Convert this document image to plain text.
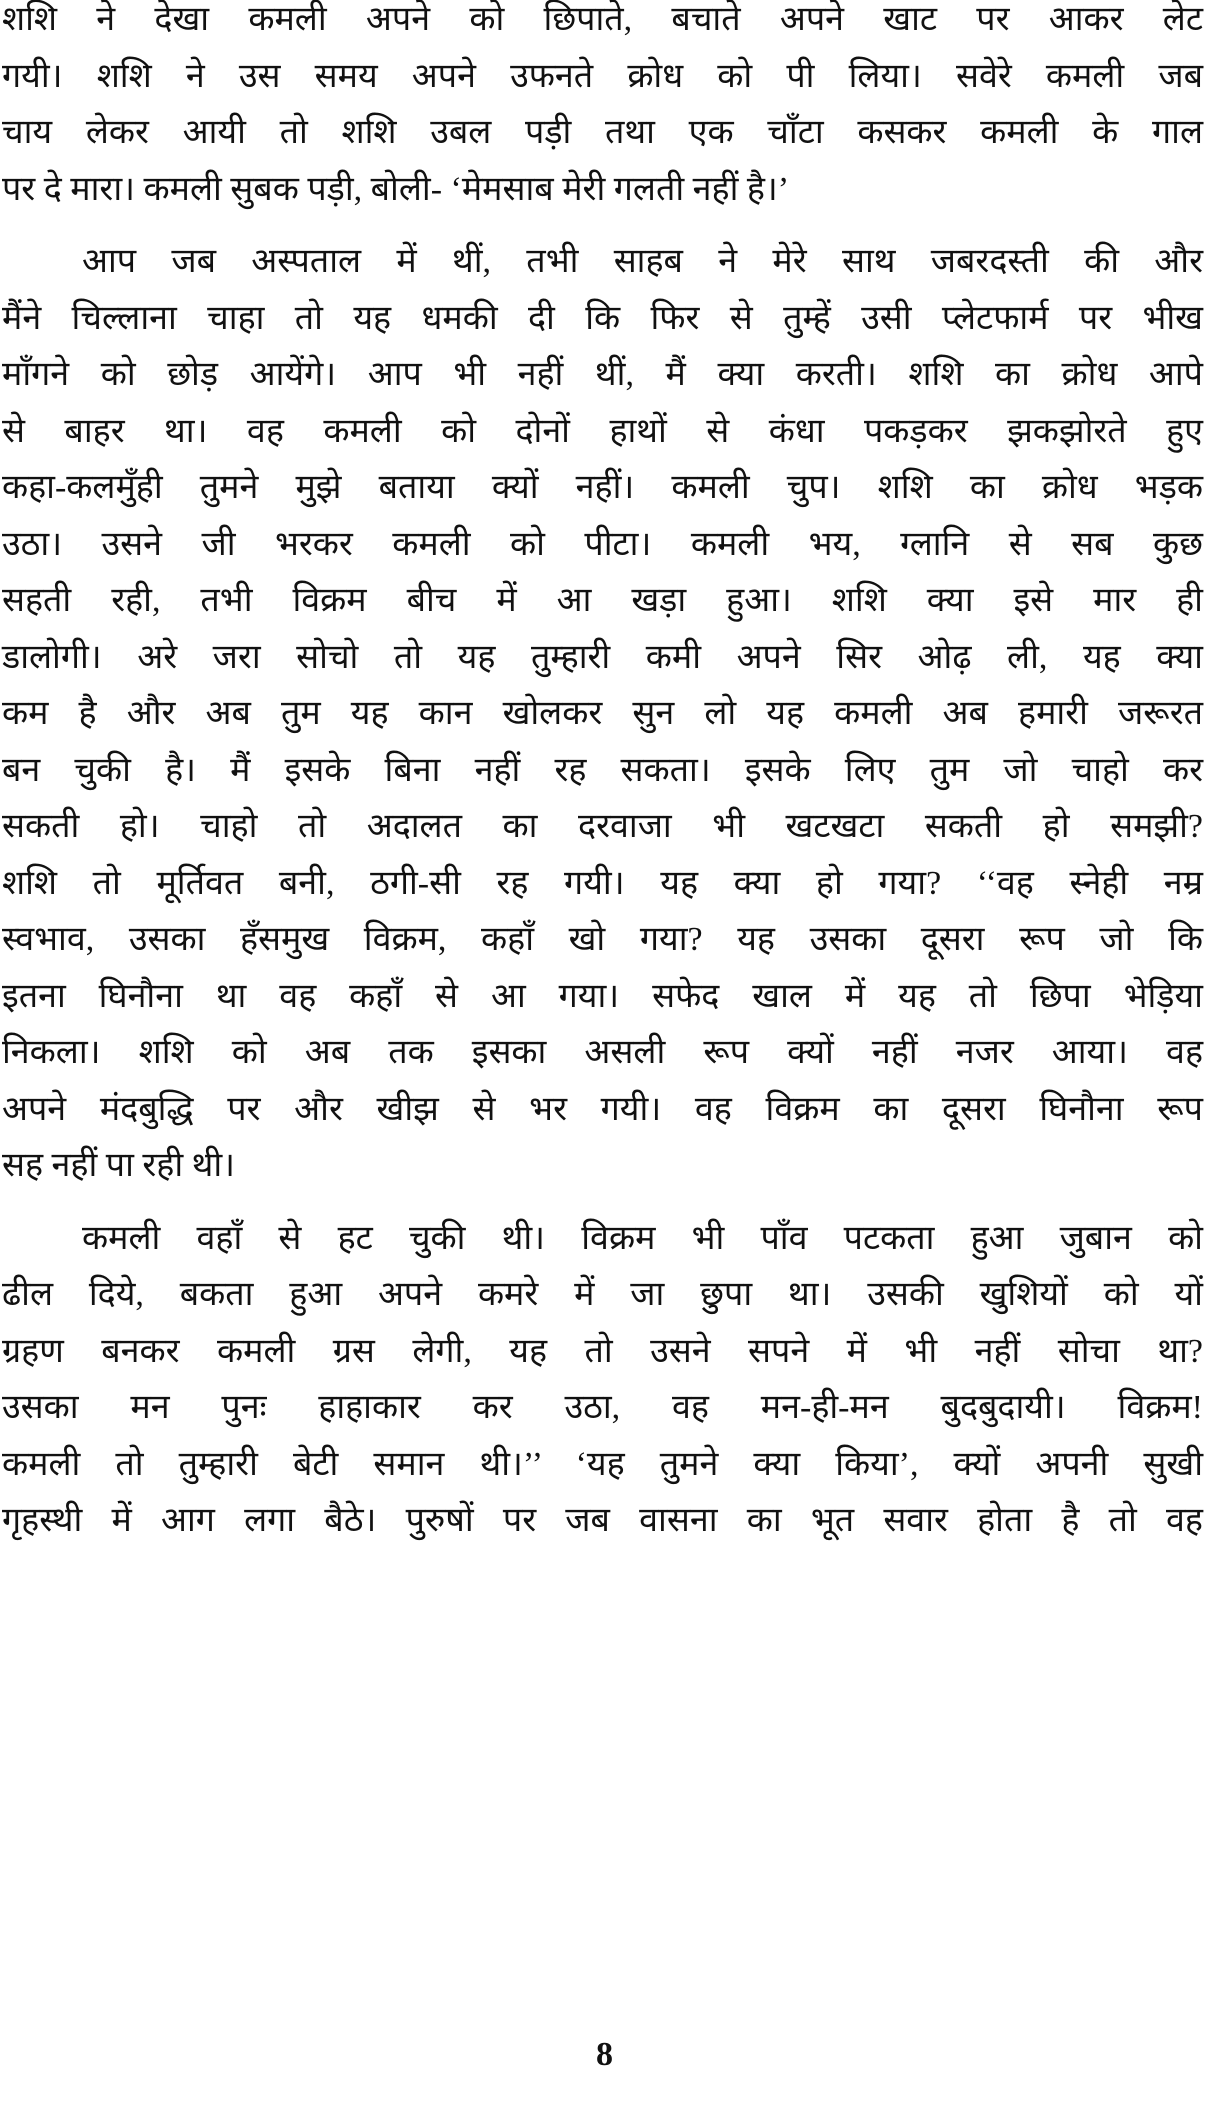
शशि ने देखा कमली अपने को छिपाते, बचाते अपने खाट पर आकर लेट
गयी। शशि ने उस समय अपने उफनते क्रोध को पी लिया। सवेरे कमली जब
चाय लेकर आयी तो शशि उबल पड़ी तथा एक चाँटा कसकर कमली के गाल
पर दे मारा। कमली सुबक पड़ी, बोली- ‘मेमसाब मेरी गलती नहीं है।’
आप जब अस्पताल में थीं, तभी साहब ने मेरे साथ जबरदस्ती की और
मैंने चिल्लाना चाहा तो यह धमकी दी कि फिर से तुम्हें उसी प्लेटफार्म पर भीख
माँगने को छोड़ आयेंगे। आप भी नहीं थीं, मैं क्या करती। शशि का क्रोध आपे
से बाहर था। वह कमली को दोनों हाथों से कंधा पकड़कर झकझोरते हुए
कहा-कलमुँही तुमने मुझे बताया क्यों नहीं। कमली चुप। शशि का क्रोध भड़क
उठा। उसने जी भरकर कमली को पीटा। कमली भय, ग्लानि से सब कुछ
सहती रही, तभी विक्रम बीच में आ खड़ा हुआ। शशि क्या इसे मार ही
डालोगी। अरे जरा सोचो तो यह तुम्हारी कमी अपने सिर ओढ़ ली, यह क्या
कम है और अब तुम यह कान खोलकर सुन लो यह कमली अब हमारी जरूरत
बन चुकी है। मैं इसके बिना नहीं रह सकता। इसके लिए तुम जो चाहो कर
सकती हो। चाहो तो अदालत का दरवाजा भी खटखटा सकती हो समझी?
शशि तो मूर्तिवत बनी, ठगी-सी रह गयी। यह क्या हो गया? ‘‘वह स्नेही नम्र
स्वभाव, उसका हँसमुख विक्रम, कहाँ खो गया? यह उसका दूसरा रूप जो कि
इतना घिनौना था वह कहाँ से आ गया। सफेद खाल में यह तो छिपा भेड़िया
निकला। शशि को अब तक इसका असली रूप क्यों नहीं नजर आया। वह
अपने मंदबुद्धि पर और खीझ से भर गयी। वह विक्रम का दूसरा घिनौना रूप
सह नहीं पा रही थी।
कमली वहाँ से हट चुकी थी। विक्रम भी पाँव पटकता हुआ जुबान को
ढील दिये, बकता हुआ अपने कमरे में जा छुपा था। उसकी खुशियों को यों
ग्रहण बनकर कमली ग्रस लेगी, यह तो उसने सपने में भी नहीं सोचा था?
उसका मन पुनः हाहाकार कर उठा, वह मन-ही-मन बुदबुदायी। विक्रम!
कमली तो तुम्हारी बेटी समान थी।’’ ‘यह तुमने क्या किया’, क्यों अपनी सुखी
गृहस्थी में आग लगा बैठे। पुरुषों पर जब वासना का भूत सवार होता है तो वह
8
